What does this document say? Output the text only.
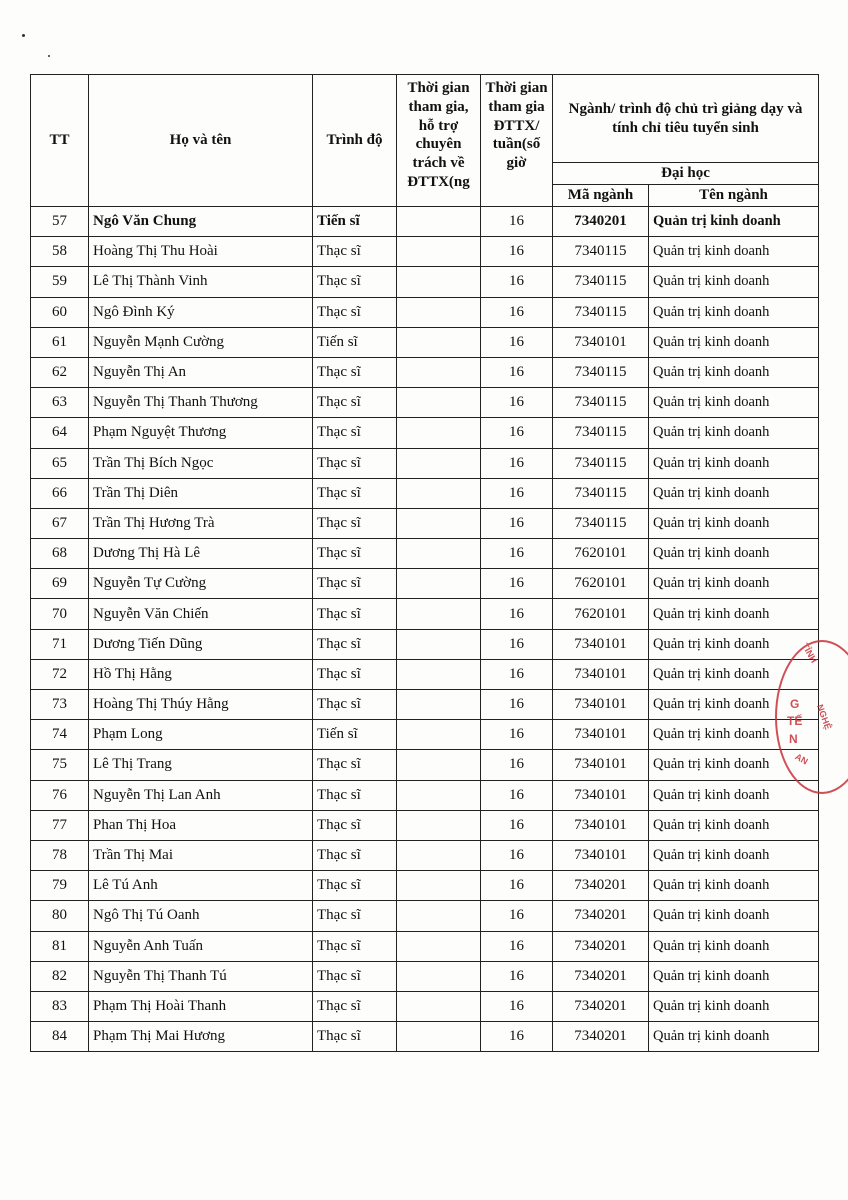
TT	Họ và tên	Trình độ	Thời gian tham gia, hỗ trợ chuyên trách về ĐTTX(ng	Thời gian tham gia ĐTTX/ tuần(số giờ	Ngành/ trình độ chủ trì giảng dạy và tính chỉ tiêu tuyển sinh	
					Đại học	
					Mã ngành	Tên ngành
57	Ngô Văn Chung	Tiến sĩ		16	7340201	Quản trị kinh doanh
58	Hoàng Thị Thu Hoài	Thạc sĩ		16	7340115	Quản trị kinh doanh
59	Lê Thị Thành Vinh	Thạc sĩ		16	7340115	Quản trị kinh doanh
60	Ngô Đình Ký	Thạc sĩ		16	7340115	Quản trị kinh doanh
61	Nguyễn Mạnh Cường	Tiến sĩ		16	7340101	Quản trị kinh doanh
62	Nguyễn Thị An	Thạc sĩ		16	7340115	Quản trị kinh doanh
63	Nguyễn Thị Thanh Thương	Thạc sĩ		16	7340115	Quản trị kinh doanh
64	Phạm Nguyệt Thương	Thạc sĩ		16	7340115	Quản trị kinh doanh
65	Trần Thị Bích Ngọc	Thạc sĩ		16	7340115	Quản trị kinh doanh
66	Trần Thị Diên	Thạc sĩ		16	7340115	Quản trị kinh doanh
67	Trần Thị Hương Trà	Thạc sĩ		16	7340115	Quản trị kinh doanh
68	Dương Thị Hà Lê	Thạc sĩ		16	7620101	Quản trị kinh doanh
69	Nguyễn Tự Cường	Thạc sĩ		16	7620101	Quản trị kinh doanh
70	Nguyễn Văn Chiến	Thạc sĩ		16	7620101	Quản trị kinh doanh
71	Dương Tiến Dũng	Thạc sĩ		16	7340101	Quản trị kinh doanh
72	Hồ Thị Hằng	Thạc sĩ		16	7340101	Quản trị kinh doanh
73	Hoàng Thị Thúy Hằng	Thạc sĩ		16	7340101	Quản trị kinh doanh
74	Phạm Long	Tiến sĩ		16	7340101	Quản trị kinh doanh
75	Lê Thị Trang	Thạc sĩ		16	7340101	Quản trị kinh doanh
76	Nguyễn Thị Lan Anh	Thạc sĩ		16	7340101	Quản trị kinh doanh
77	Phan Thị Hoa	Thạc sĩ		16	7340101	Quản trị kinh doanh
78	Trần Thị Mai	Thạc sĩ		16	7340101	Quản trị kinh doanh
79	Lê Tú Anh	Thạc sĩ		16	7340201	Quản trị kinh doanh
80	Ngô Thị Tú Oanh	Thạc sĩ		16	7340201	Quản trị kinh doanh
81	Nguyễn Anh Tuấn	Thạc sĩ		16	7340201	Quản trị kinh doanh
82	Nguyễn Thị Thanh Tú	Thạc sĩ		16	7340201	Quản trị kinh doanh
83	Phạm Thị Hoài Thanh	Thạc sĩ		16	7340201	Quản trị kinh doanh
84	Phạm Thị Mai Hương	Thạc sĩ		16	7340201	Quản trị kinh doanh
TỈNH
G
TẾ
N
NGHỆ
AN
